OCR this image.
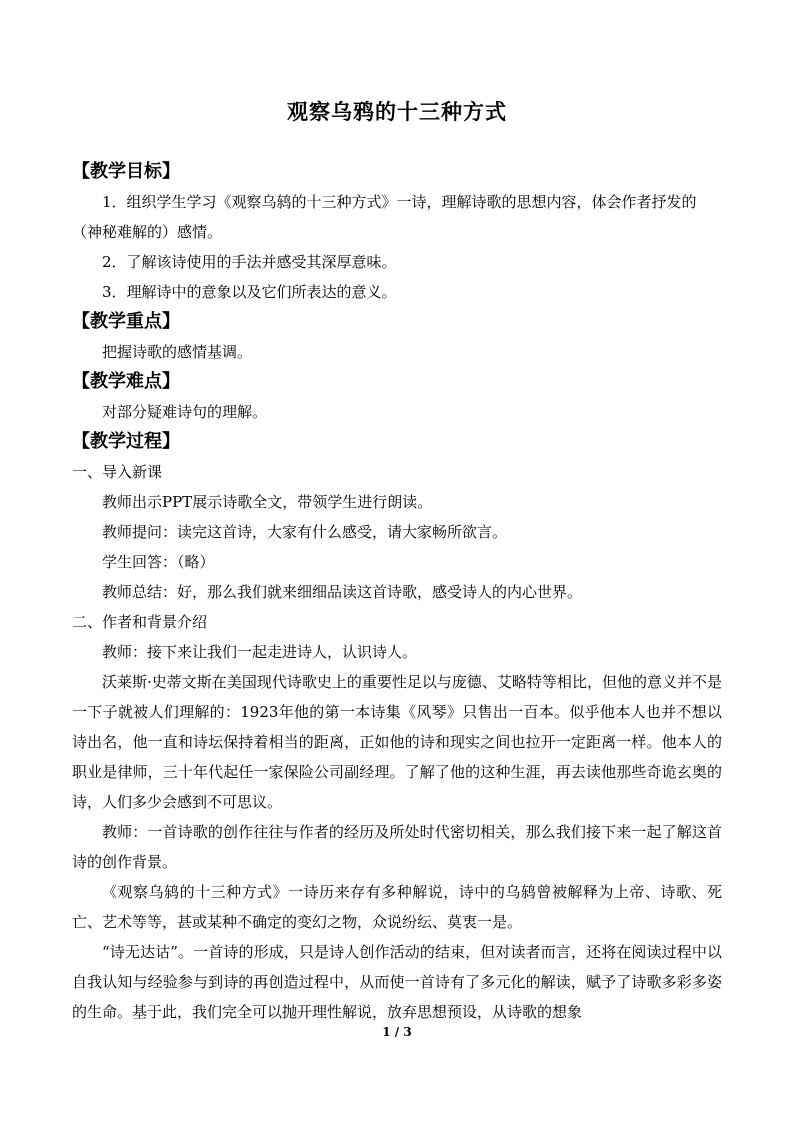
观察乌鸦的十三种方式
【教学目标】

1．组织学生学习《观察乌鸫的十三种方式》一诗，理解诗歌的思想内容，体会作者抒发的（神秘难解的）感情。

2．了解该诗使用的手法并感受其深厚意味。

3．理解诗中的意象以及它们所表达的意义。

【教学重点】

把握诗歌的感情基调。

【教学难点】

对部分疑难诗句的理解。

【教学过程】

一、导入新课

教师出示PPT展示诗歌全文，带领学生进行朗读。

教师提问：读完这首诗，大家有什么感受，请大家畅所欲言。

学生回答：（略）

教师总结：好，那么我们就来细细品读这首诗歌，感受诗人的内心世界。

二、作者和背景介绍

教师：接下来让我们一起走进诗人，认识诗人。

沃莱斯·史蒂文斯在美国现代诗歌史上的重要性足以与庞德、艾略特等相比，但他的意义并不是一下子就被人们理解的：1923年他的第一本诗集《风琴》只售出一百本。似乎他本人也并不想以诗出名，他一直和诗坛保持着相当的距离，正如他的诗和现实之间也拉开一定距离一样。他本人的职业是律师，三十年代起任一家保险公司副经理。了解了他的这种生涯，再去读他那些奇诡玄奥的诗，人们多少会感到不可思议。

教师：一首诗歌的创作往往与作者的经历及所处时代密切相关，那么我们接下来一起了解这首诗的创作背景。

《观察乌鸫的十三种方式》一诗历来存有多种解说，诗中的乌鸫曾被解释为上帝、诗歌、死亡、艺术等等，甚或某种不确定的变幻之物，众说纷纭、莫衷一是。

“诗无达诂”。一首诗的形成，只是诗人创作活动的结束，但对读者而言，还将在阅读过程中以自我认知与经验参与到诗的再创造过程中，从而使一首诗有了多元化的解读，赋予了诗歌多彩多姿的生命。基于此，我们完全可以抛开理性解说，放弃思想预设，从诗歌的想象

1 / 3
